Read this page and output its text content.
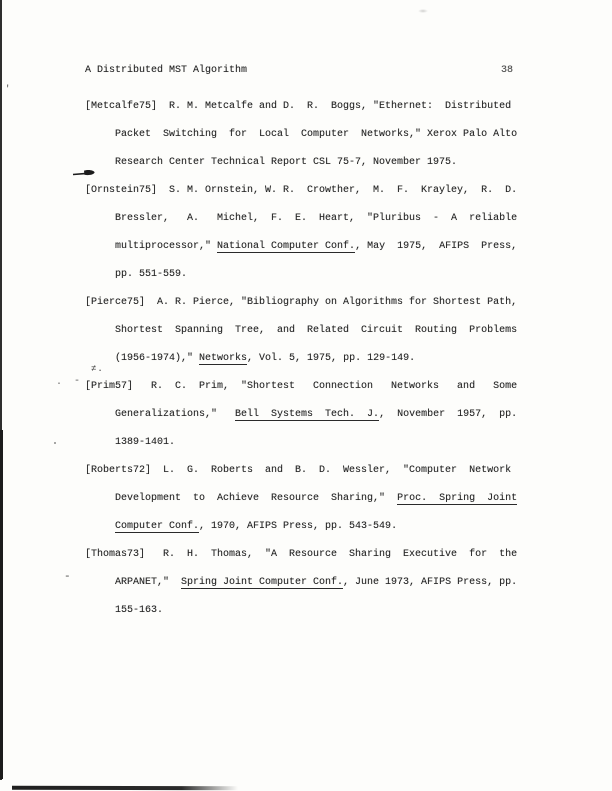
A Distributed MST Algorithm	38
[Metcalfe75]  R. M. Metcalfe and D.  R.  Boggs, "Ethernet:  Distributed
Packet  Switching  for  Local  Computer  Networks," Xerox Palo Alto
Research Center Technical Report CSL 75-7, November 1975.
[Ornstein75]  S. M. Ornstein, W. R.  Crowther,  M.  F.  Krayley,  R.  D.
Bressler,   A.   Michel,  F.  E.  Heart,  "Pluribus  -  A  reliable
multiprocessor," National Computer Conf., May  1975,  AFIPS  Press,
pp. 551-559.
[Pierce75]  A. R. Pierce, "Bibliography on Algorithms for Shortest Path,
Shortest  Spanning  Tree,  and  Related  Circuit  Routing  Problems
(1956-1974)," Networks, Vol. 5, 1975, pp. 129-149.
[Prim57]   R.  C.  Prim,  "Shortest   Connection   Networks   and   Some
Generalizations,"   Bell  Systems  Tech.  J.,  November  1957,  pp.
1389-1401.
[Roberts72]  L.  G.  Roberts  and  B.  D.  Wessler,  "Computer  Network
Development  to  Achieve  Resource  Sharing,"  Proc.  Spring  Joint
Computer Conf., 1970, AFIPS Press, pp. 543-549.
[Thomas73]   R.  H.  Thomas,  "A  Resource  Sharing  Executive  for  the
ARPANET,"  Spring Joint Computer Conf., June 1973, AFIPS Press, pp.
155-163.
'
≠.
. -
-
